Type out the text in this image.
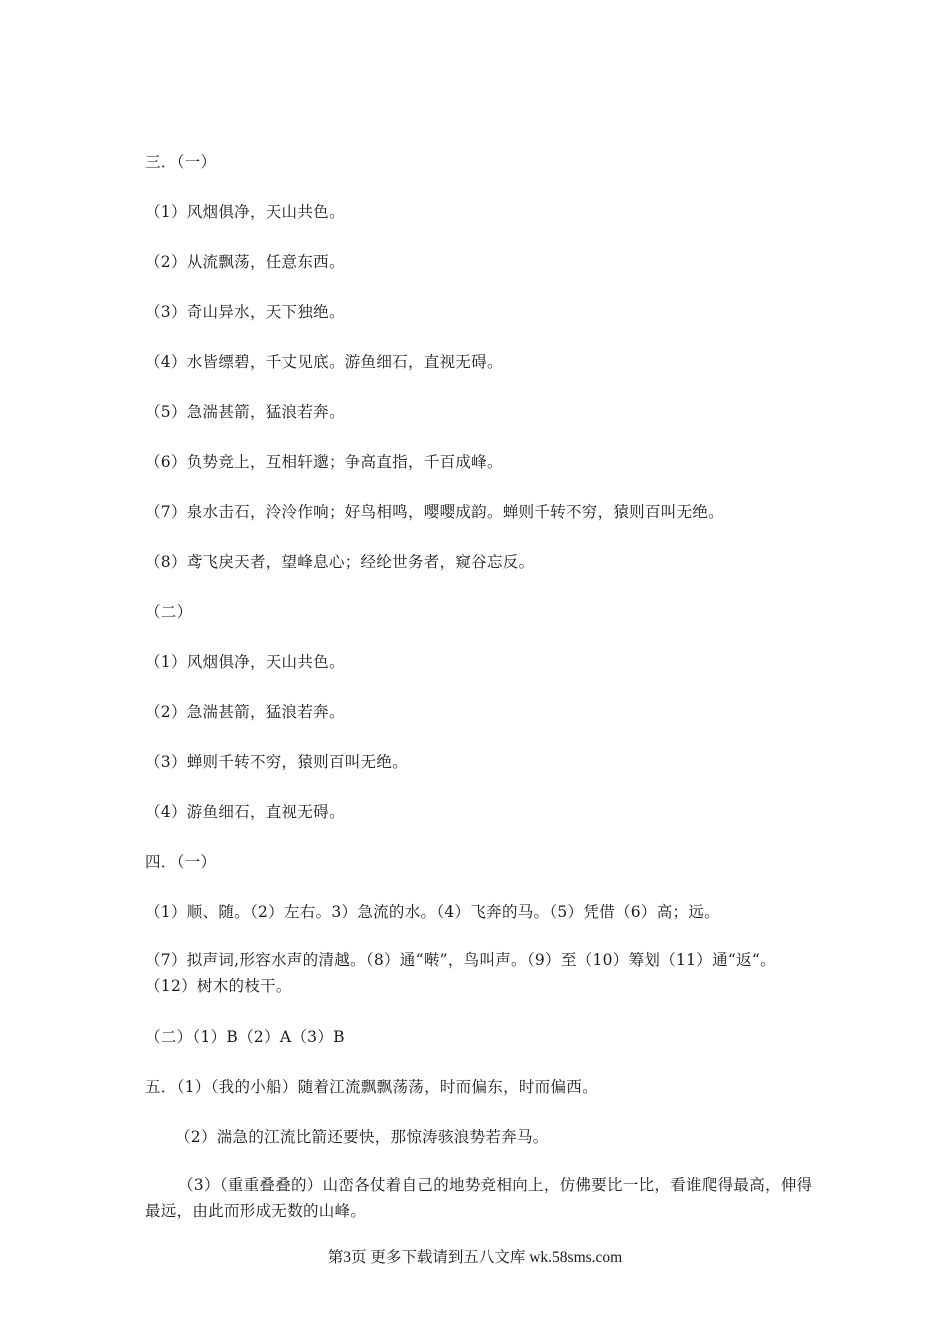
三．（一）
（1）风烟俱净，天山共色。
（2）从流飘荡，任意东西。
（3）奇山异水，天下独绝。
（4）水皆缥碧，千丈见底。游鱼细石，直视无碍。
（5）急湍甚箭，猛浪若奔。
（6）负势竞上，互相轩邈；争高直指，千百成峰。
（7）泉水击石，泠泠作响；好鸟相鸣，嘤嘤成韵。蝉则千转不穷，猿则百叫无绝。
（8）鸢飞戾天者，望峰息心；经纶世务者，窥谷忘反。
（二）
（1）风烟俱净，天山共色。
（2）急湍甚箭，猛浪若奔。
（3）蝉则千转不穷，猿则百叫无绝。
（4）游鱼细石，直视无碍。
四．（一）
（1）顺、随。（2）左右。3）急流的水。（4）飞奔的马。（5）凭借（6）高；远。
（7）拟声词,形容水声的清越。（8）通“啭”，鸟叫声。（9）至（10）筹划（11）通“返“。（12）树木的枝干。
（二）（1）B（2）A（3）B
五．（1）（我的小船）随着江流飘飘荡荡，时而偏东，时而偏西。
（2）湍急的江流比箭还要快，那惊涛骇浪势若奔马。
（3）（重重叠叠的）山峦各仗着自己的地势竞相向上，仿佛要比一比，看谁爬得最高，伸得最远，由此而形成无数的山峰。
第3页 更多下载请到五八文库 wk.58sms.com
